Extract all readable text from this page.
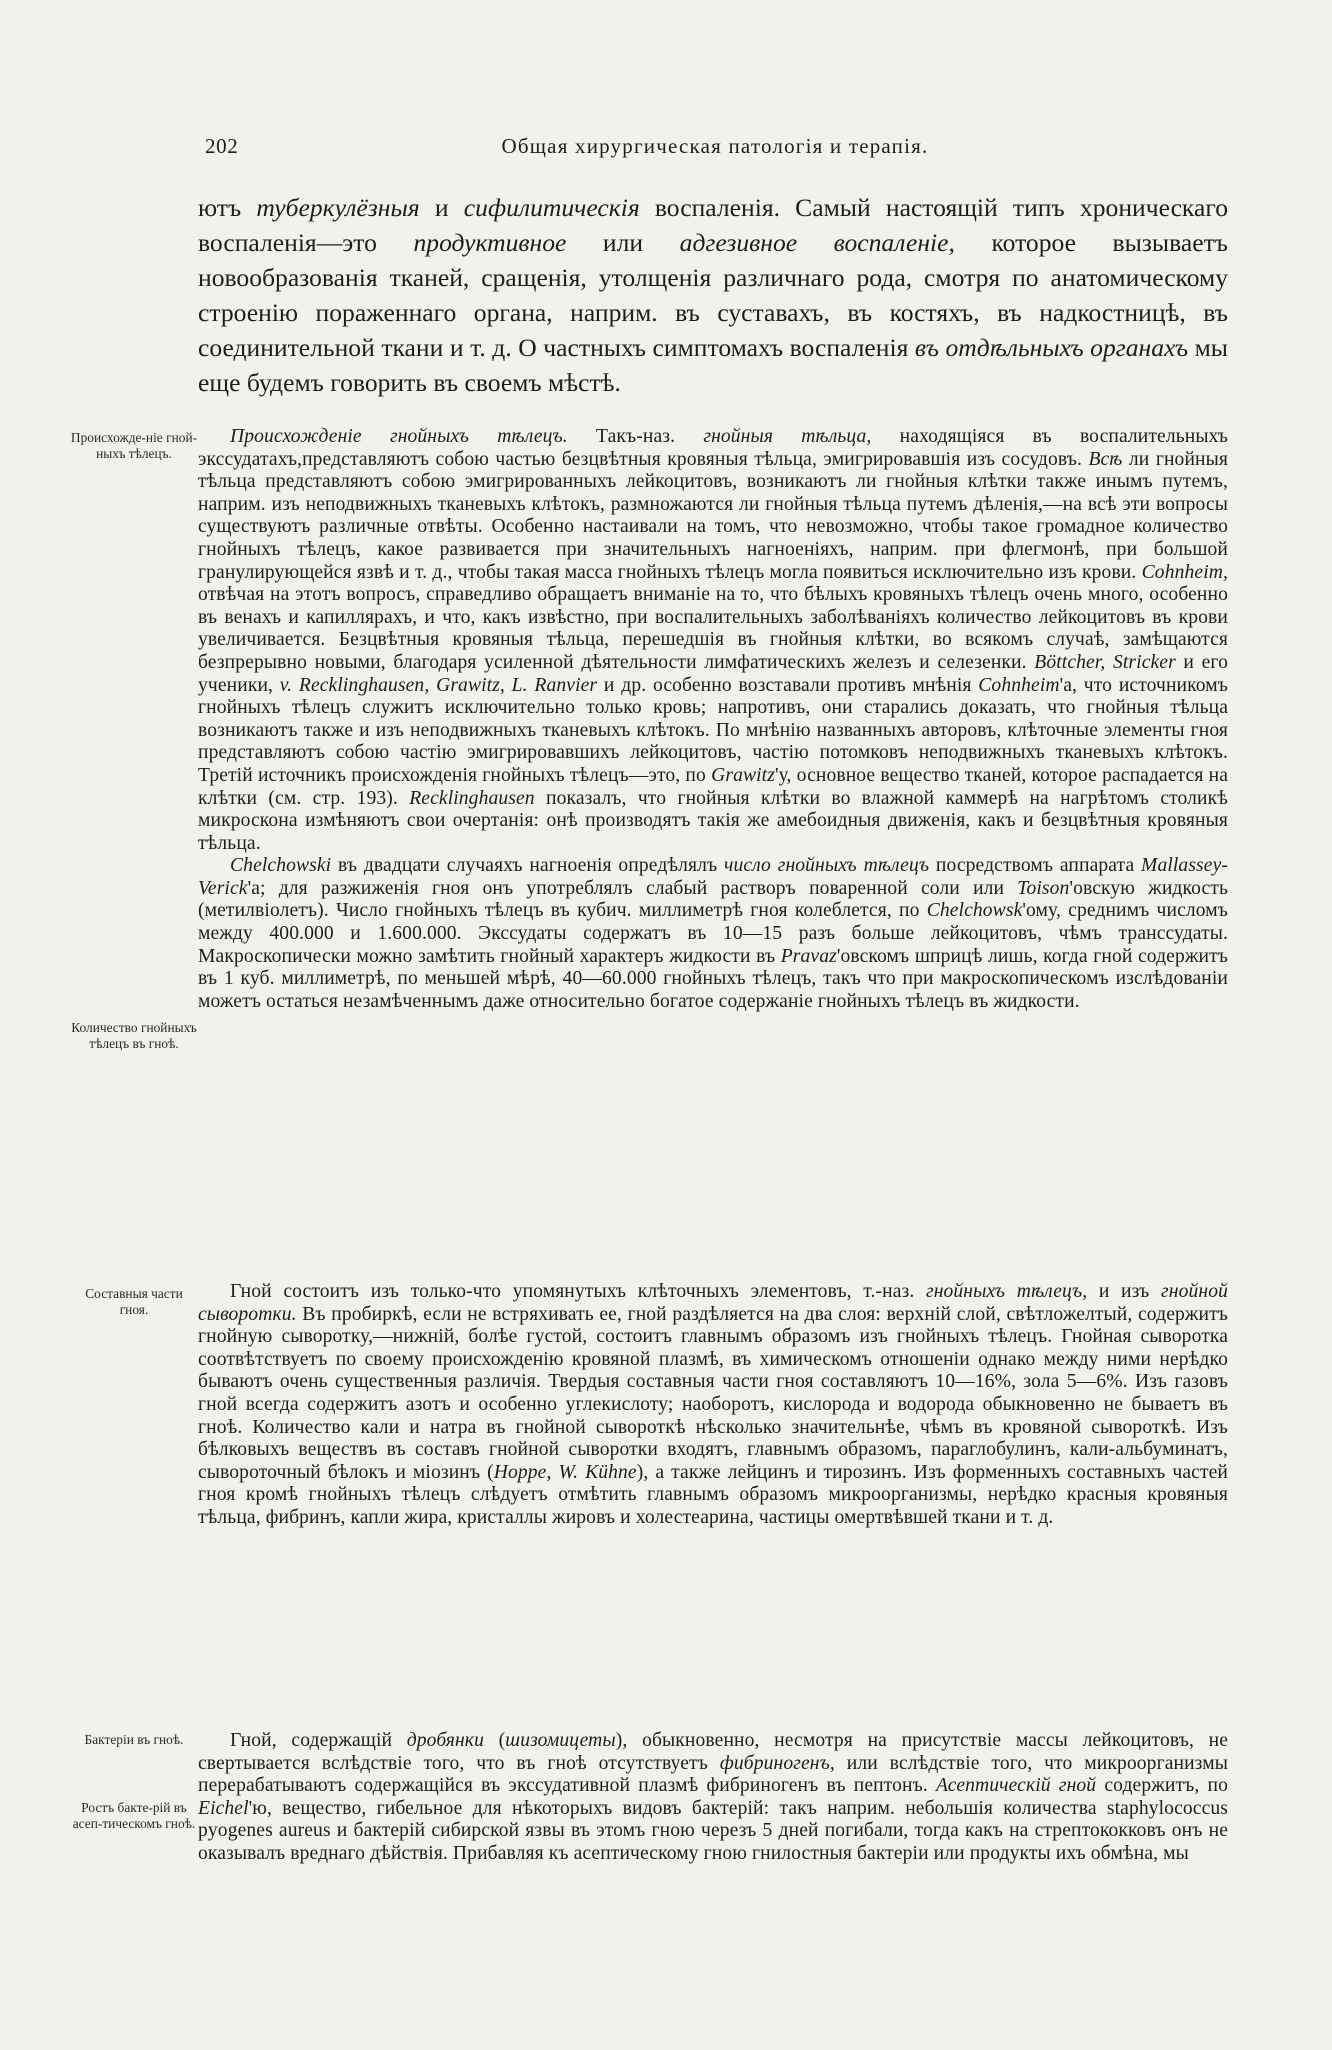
202	Общая хирургическая патологія и терапія.

ютъ туберкулёзныя и сифилитическія воспаленія. Самый настоящій типъ хроническаго воспаленія—это продуктивное или адгезивное воспаленіе, которое вызываетъ новообразованія тканей, сращенія, утолщенія различнаго рода, смотря по анатомическому строенію пораженнаго органа, наприм. въ суставахъ, въ костяхъ, въ надкостницѣ, въ соединительной ткани и т. д. О частныхъ симптомахъ воспаленія въ отдѣльныхъ органахъ мы еще будемъ говорить въ своемъ мѣстѣ.

Происхожде-ніе гной-ныхъ тѣлецъ.
Количество гнойныхъ тѣлецъ въ гноѣ.
Составныя части гноя.
Бактеріи въ гноѣ.
Ростъ бакте-рій въ асеп-тическомъ гноѣ.

Происхожденіе гнойныхъ тѣлецъ. Такъ-наз. гнойныя тѣльца, находящіяся въ воспалительныхъ экссудатахъ,представляютъ собою частью безцвѣтныя кровяныя тѣльца, эмигрировавшія изъ сосудовъ. Всѣ ли гнойныя тѣльца представляютъ собою эмигрированныхъ лейкоцитовъ, возникаютъ ли гнойныя клѣтки также инымъ путемъ, наприм. изъ неподвижныхъ тканевыхъ клѣтокъ, размножаются ли гнойныя тѣльца путемъ дѣленія,—на всѣ эти вопросы существуютъ различные отвѣты. Особенно настаивали на томъ, что невозможно, чтобы такое громадное количество гнойныхъ тѣлецъ, какое развивается при значительныхъ нагноеніяхъ, наприм. при флегмонѣ, при большой гранулирующейся язвѣ и т. д., чтобы такая масса гнойныхъ тѣлецъ могла появиться исключительно изъ крови. Cohnheim, отвѣчая на этотъ вопросъ, справедливо обращаетъ вниманіе на то, что бѣлыхъ кровяныхъ тѣлецъ очень много, особенно въ венахъ и капиллярахъ, и что, какъ извѣстно, при воспалительныхъ заболѣваніяхъ количество лейкоцитовъ въ крови увеличивается. Безцвѣтныя кровяныя тѣльца, перешедшія въ гнойныя клѣтки, во всякомъ случаѣ, замѣщаются безпрерывно новыми, благодаря усиленной дѣятельности лимфатическихъ железъ и селезенки. Böttcher, Stricker и его ученики, v. Recklinghausen, Grawitz, L. Ranvier и др. особенно возставали противъ мнѣнія Cohnheim'а, что источникомъ гнойныхъ тѣлецъ служитъ исключительно только кровь; напротивъ, они старались доказать, что гнойныя тѣльца возникаютъ также и изъ неподвижныхъ тканевыхъ клѣтокъ. По мнѣнію названныхъ авторовъ, клѣточные элементы гноя представляютъ собою частію эмигрировавшихъ лейкоцитовъ, частію потомковъ неподвижныхъ тканевыхъ клѣтокъ. Третій источникъ происхожденія гнойныхъ тѣлецъ—это, по Grawitz'у, основное вещество тканей, которое распадается на клѣтки (см. стр. 193). Recklinghausen показалъ, что гнойныя клѣтки во влажной каммерѣ на нагрѣтомъ столикѣ микроскона измѣняютъ свои очертанія: онѣ производятъ такія же амебоидныя движенія, какъ и безцвѣтныя кровяныя тѣльца.

Chelchowski въ двадцати случаяхъ нагноенія опредѣлялъ число гнойныхъ тѣлецъ посредствомъ аппарата Mallassey-Verick'а; для разжиженія гноя онъ употреблялъ слабый растворъ поваренной соли или Toison'овскую жидкость (метилвіолетъ). Число гнойныхъ тѣлецъ въ кубич. миллиметрѣ гноя колеблется, по Chelchowsk'ому, среднимъ числомъ между 400.000 и 1.600.000. Экссудаты содержатъ въ 10—15 разъ больше лейкоцитовъ, чѣмъ транссудаты. Макроскопически можно замѣтить гнойный характеръ жидкости въ Pravaz'овскомъ шприцѣ лишь, когда гной содержитъ въ 1 куб. миллиметрѣ, по меньшей мѣрѣ, 40—60.000 гнойныхъ тѣлецъ, такъ что при макроскопическомъ изслѣдованіи можетъ остаться незамѣченнымъ даже относительно богатое содержаніе гнойныхъ тѣлецъ въ жидкости.

Гной состоитъ изъ только-что упомянутыхъ клѣточныхъ элементовъ, т.-наз. гнойныхъ тѣлецъ, и изъ гнойной сыворотки. Въ пробиркѣ, если не встряхивать ее, гной раздѣляется на два слоя: верхній слой, свѣтложелтый, содержитъ гнойную сыворотку,—нижній, болѣе густой, состоитъ главнымъ образомъ изъ гнойныхъ тѣлецъ. Гнойная сыворотка соотвѣтствуетъ по своему происхожденію кровяной плазмѣ, въ химическомъ отношеніи однако между ними нерѣдко бываютъ очень существенныя различія. Твердыя составныя части гноя составляютъ 10—16%, зола 5—6%. Изъ газовъ гной всегда содержитъ азотъ и особенно углекислоту; наоборотъ, кислорода и водорода обыкновенно не бываетъ въ гноѣ. Количество кали и натра въ гнойной сывороткѣ нѣсколько значительнѣе, чѣмъ въ кровяной сывороткѣ. Изъ бѣлковыхъ веществъ въ составъ гнойной сыворотки входятъ, главнымъ образомъ, параглобулинъ, кали-альбуминатъ, сывороточный бѣлокъ и міозинъ (Hoppe, W. Kühne), а также лейцинъ и тирозинъ. Изъ форменныхъ составныхъ частей гноя кромѣ гнойныхъ тѣлецъ слѣдуетъ отмѣтить главнымъ образомъ микроорганизмы, нерѣдко красныя кровяныя тѣльца, фибринъ, капли жира, кристаллы жировъ и холестеарина, частицы омертвѣвшей ткани и т. д.

Гной, содержащій дробянки (шизомицеты), обыкновенно, несмотря на присутствіе массы лейкоцитовъ, не свертывается вслѣдствіе того, что въ гноѣ отсутствуетъ фибриногенъ, или вслѣдствіе того, что микроорганизмы перерабатываютъ содержащійся въ экссудативной плазмѣ фибриногенъ въ пептонъ. Асептическій гной содержитъ, по Eichel'ю, вещество, гибельное для нѣкоторыхъ видовъ бактерій: такъ наприм. небольшія количества staphylococcus pyogenes aureus и бактерій сибирской язвы въ этомъ гною черезъ 5 дней погибали, тогда какъ на стрептококковъ онъ не оказывалъ вреднаго дѣйствія. Прибавляя къ асептическому гною гнилостныя бактеріи или продукты ихъ обмѣна, мы
